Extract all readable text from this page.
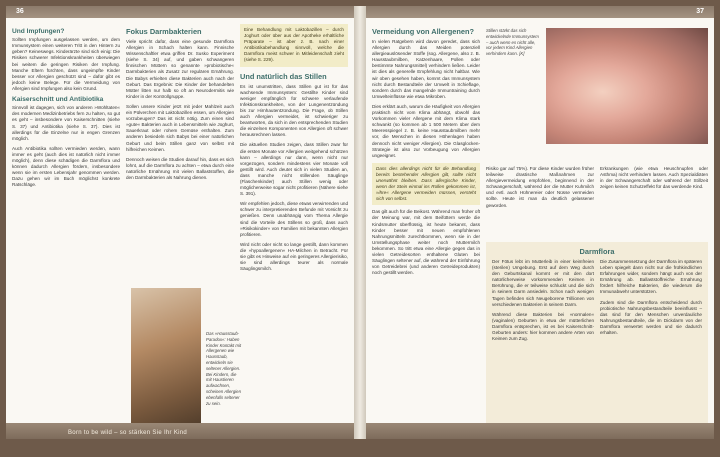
36
Und Impfungen?

Sollten Impfungen ausgelassen werden, um dem Immunsystem einen weiteren Tritt in den Hintern zu geben? Keineswegs. Kinderärzte sind sich einig: Die Risiken schwerer Infektionskrankheiten überwiegen bei weitem die geringen Risiken der Impfung. Manche Eltern fürchten, dass ungeimpfte Kinder besser vor Allergien geschützt sind – dafür gibt es jedoch keine Belege. Für die Vermeidung von Allergien sind Impfungen also kein Grund.

Kaiserschnitt und Antibiotika

Sinnvoll ist dagegen, sich von anderen »Wohltaten« des modernen Medizinbetriebs fern zu halten, so gut es geht – insbesondere von Kaiserschnitten (siehe S. 37) und Antibiotika (siehe S. 37). Dies ist allerdings für die Einzelne nur in engen Grenzen möglich.

Auch Antibiotika sollten vermieden werden, wann immer es geht (auch dies ist natürlich nicht immer möglich), denn diese schädigen die Darmflora und können dadurch Allergien fördern, insbesondere wenn sie im ersten Lebensjahr genommen werden. Dazu gehen wir im Buch möglichst konkrete Ratschläge.

Fokus Darmbakterien

Viele spricht dafür, dass eine gesunde Darmflora Allergien in Schach halten kann. Finnische Wissenschaftler etwa griffen Dr. Susko Experiment (siehe S. 34) auf, und gaben schwangeren finnischen Müttern so genannte »probiotische« Darmbakterien als Zusatz zur regulären Ernährung. Die Babys erhielten diese Bakterien auch nach der Geburt. Das Ergebnis: Die Kinder der behandelten Mütter litten nur halb so oft an Neurodermitis wie Kinder in der Kontrollgruppe.

Sollen unsere Kinder jetzt mit jeder Mahlzeit auch ein Pülverchen mit Laktobazillen essen, um Allergien vorzubeugen? Das ist nicht nötig. Zum einen sind »gute« Bakterien auch in Lebensmitteln wie Joghurt, Sauerkraut oder rohem Gemüse enthalten. Zum anderen besiedeln sich Babys bei einer natürlichen Geburt und beim Stillen ganz von selbst mit hilfreichen Keimen.

Dennoch weisen die Studien darauf hin, dass es sich lohnt, auf die Darmflora zu achten – etwa durch eine natürliche Ernährung mit vielen Ballaststoffen, die den Darmbakterien als Nahrung dienen.

Das »Hausstaub-Paradox«: Haben Kinder Kontakt mit Allergenen wie Hausstaub, entwickeln sie seltener Allergien. Bei Kindern, die mit Haustieren aufwachsen, scheinen Allergien ebenfalls seltener zu sein.
Eine Behandlung mit Laktobazillen – durch Joghurt oder über aus der Apotheke erhältliche Präparate – ist aber z. B. nach einer Antibiotikabehandlung sinnvoll, welche die Darmflora meist schwer in Mitleidenschaft zieht (siehe S. 229).
Und natürlich das Stillen

Es ist unumstritten, dass Stillen gut ist für das wachsende Immunsystem: Gestillte Kinder sind weniger empfänglich für schwere verlaufende Infektionskrankheiten, von der Lungenentzündung bis zur Hirnhautentzündung. Die Frage, ob Stillen auch Allergien vermeidet, ist schwieriger zu beantworten, da sich in den entsprechenden Studien die einzelnen Komponenten von Allergien oft schwer herausrechnen lassen.

Die aktuellen Studien zeigen, dass Stillen zwar für die ersten Monate vor Allergien weitgehend schützen kann – allerdings nur dann, wenn nicht nur vorgezogen, sondern mindestens vier Monate voll gestillt wird. Auch deutet sich in vielen Studien an, dass manche nicht stillenden Säuglinge (Flaschenkinder) auch Stillen wenig oder möglicherweise sogar nicht profitieren (Nähere siehe S. 391).

Wir empfehlen jedoch, diese etwas verwirrenden und schwer zu interpretierenden Befunde mit Vorsicht zu genießen. Denn unabhängig vom Thema Allergie sind die Vorteile des Stillens so groß, dass auch »Risikokinder« von Familien mit bekannten Allergien profitieren.

Wird nicht oder nicht so lange gestillt, dann kommen die »hypoallergenen« HA-Milchen in Betracht. Für sie gibt es Hinweise auf ein geringeres Allergierisiko, sie sind allerdings teurer als normale Säuglingsmilch.

Born to be wild – so stärken Sie Ihr Kind
37
Vermeidung von Allergenen?

In vielen Ratgebern wird davon geredet, dass sich Allergien durch das Meiden potenziell allergieauslösender Stoffe (sog. Allergene, also z. B. Hausstaubmilben, Katzenhaare, Pollen oder bestimmte Nahrungsmittel) verhindern ließen. Leider ist dies als generelle Empfehlung nicht haltbar. Wie wir oben gesehen haben, kommt das Immunsystem nicht durch Bestandteile der Umwelt in Schieflage, sondern durch das mangelnde Immuntraining durch Umwelteinflüsse wie etwa Mikroben.

Dies erklärt auch, warum die Häufigkeit von Allergien praktisch nicht vom Klima abhängt, obwohl das Vorkommen vieler Allergene mit dem Klima stark schwankt (so kommen ab 1 500 Metern über dem Meeresspiegel z. B. keine Hausstaubmilben mehr vor, die Menschen in diesen Höhenlagen haben dennoch nicht weniger Allergien). Die Glasglocken-Strategie ist also zur Vorbeugung von Allergien ungeeignet.

Dass dies allerdings nicht für die Behandlung bereits bestehender Allergien gilt, sollte nicht unerwähnt bleiben. Dass allergische Kinder, wenn der Stein einmal ins Rollen gekommen ist, »ihre« Allergene vermeiden müssen, versteht sich von selbst.

Das gilt auch für die Beikost. Während man früher oft der Meinung war, mit dem Beifüttern werde die Kindsmutter überflüssig, ist heute bekannt, dass Kinder besser mit neuen empfohlenen Nahrungsmitteln zurechtkommen, wenn sie in der Umstellungsphase weiter noch Muttermilch bekommen. So tritt etwa eine Allergie gegen das in vielen Getreidesorten enthaltene Gluten bei Säuglingen seltener auf, die während der Einführung von Getreidebrei (und anderen Getreideprodukten) noch gestillt werden.

Stillen stärkt das sich entwickelnde Immunsystem – auch wenn es nicht alle, vor jedem Kind Allergien verhindern kann. [K]

Risiko gar auf 75%). Für diese Kinder wurden früher teilweise drastische Maßnahmen zur Allergievermeidung empfohlen, beginnend in der Schwangerschaft, während der die Mutter Kuhmilch und evtl. auch Hühnereier oder Nüsse vermeiden sollte. Heute ist man da deutlich gelassener geworden.

Erkrankungen (wie etwa Heuschnupfen oder Asthma) nicht verhindern lassen. Auch Spezialdiäten in der Schwangerschaft oder während der Stillzeit zeigen keinen Schutzeffekt für das werdende Kind.

Darmflora

Der Fötus lebt im Mutterleib in einer keimfreien (sterilen) Umgebung. Erst auf dem Weg durch den Geburtskanal kommt er mit den dort natürlicherweise vorkommenden Keimen in Berührung, die er teilweise schluckt und die sich in seinem Darm ansiedeln. Schon nach wenigen Tagen befinden sich Neugeborene Trillionen von verschiedenen Bakterien in seinem Darm.

Während diese Bakterien bei »normalen« (vaginalen) Geburten in etwa der mütterlichen Darmflora entsprechen, ist es bei Kaiserschnitt-Geburten anders: hier kommen andere Arten von Keimen zum Zug.

Die Zusammensetzung der Darmflora im späteren Leben spiegelt dann nicht nur die frühkindlichen Erfahrungen wider, sondern hängt auch von der Ernährung ab. Ballaststoffreiche Ernährung fördert hilfreiche Bakterien, die wiederum die Immunabwehr unterstützen.

Zudem sind die Darmflora entscheidend durch probiotische Nahrungsbestandteile beeinflusst – das sind für den Menschen unverdauliche Nahrungsbestandteile, die im Dickdarm von der Darmflora verwertet werden und sie dadurch erhalten.
